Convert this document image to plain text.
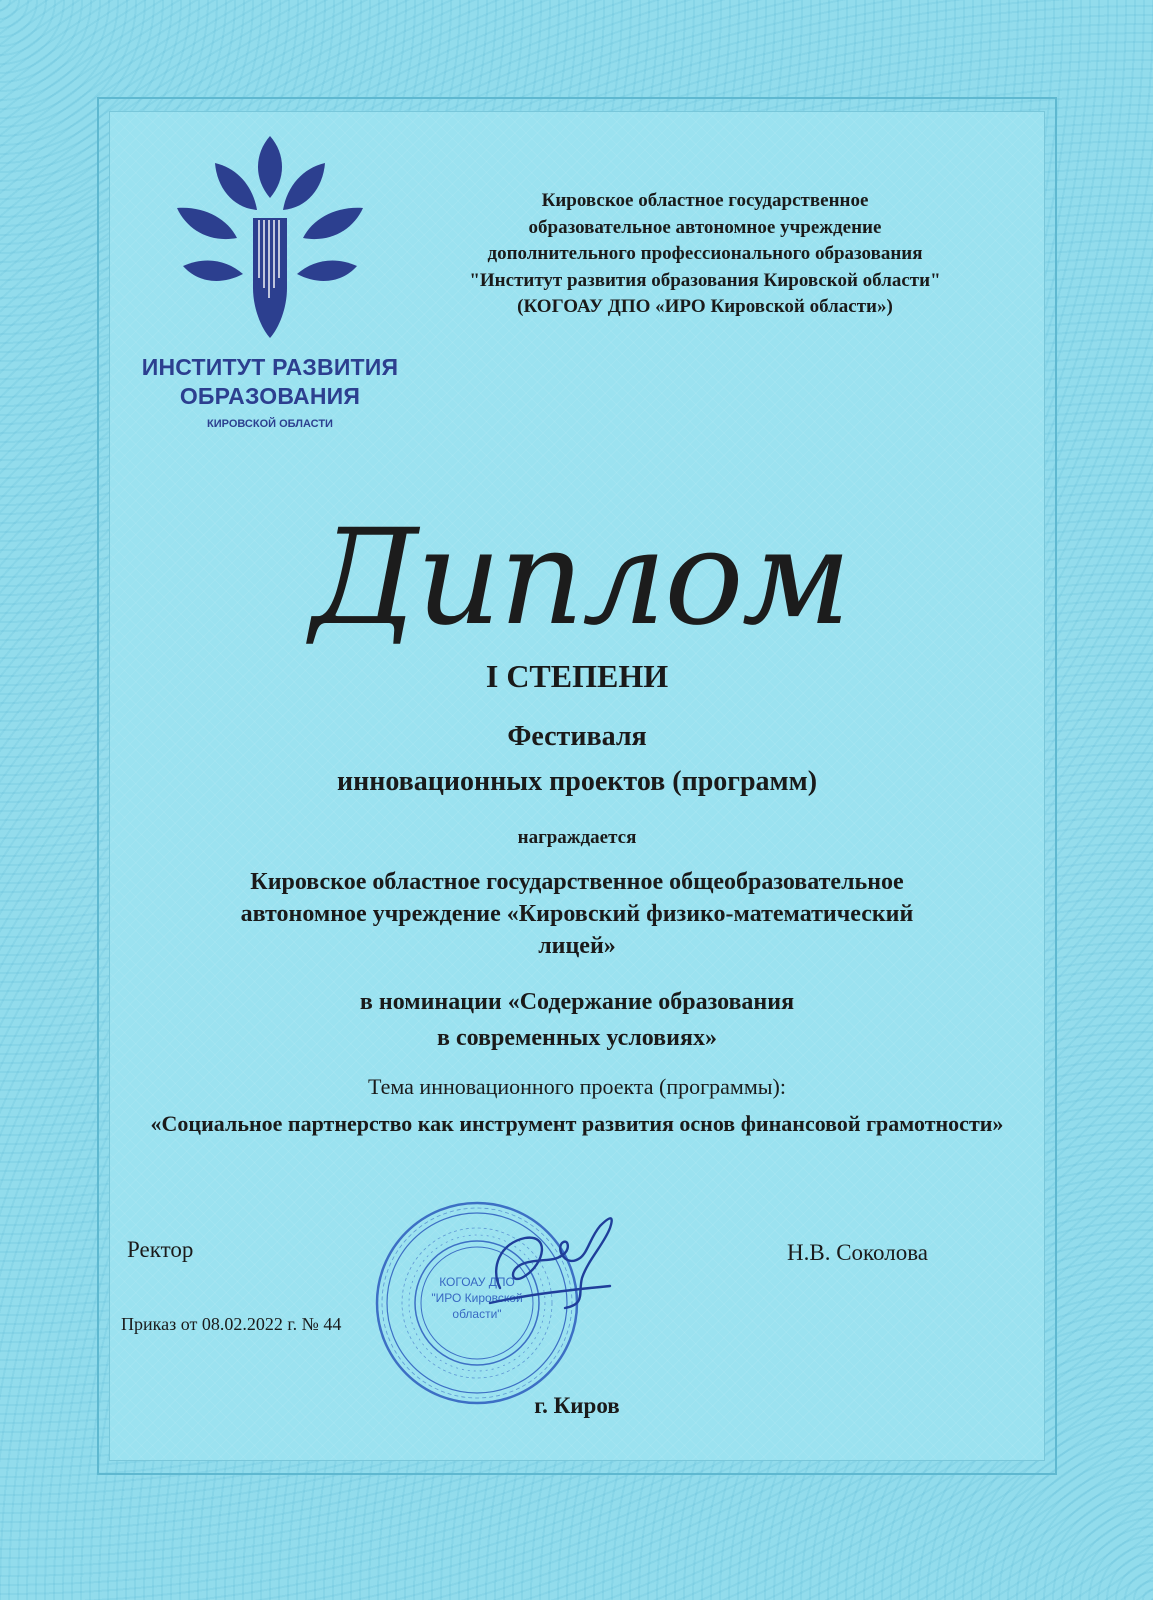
ИНСТИТУТ РАЗВИТИЯ
ОБРАЗОВАНИЯ
КИРОВСКОЙ ОБЛАСТИ
Кировское областное государственное
образовательное автономное учреждение
дополнительного профессионального образования
"Институт развития образования Кировской области"
(КОГОАУ ДПО «ИРО Кировской области»)
Диплом
I СТЕПЕНИ
Фестиваля
инновационных проектов (программ)
награждается
Кировское областное государственное общеобразовательное автономное учреждение «Кировский физико-математический лицей»
в номинации «Содержание образования
в современных условиях»
Тема инновационного проекта (программы):
«Социальное партнерство как инструмент развития основ финансовой грамотности»
Ректор	Н.В. Соколова
Приказ от 08.02.2022 г. № 44
КОГОАУ ДПО
"ИРО Кировской
области"
г. Киров
